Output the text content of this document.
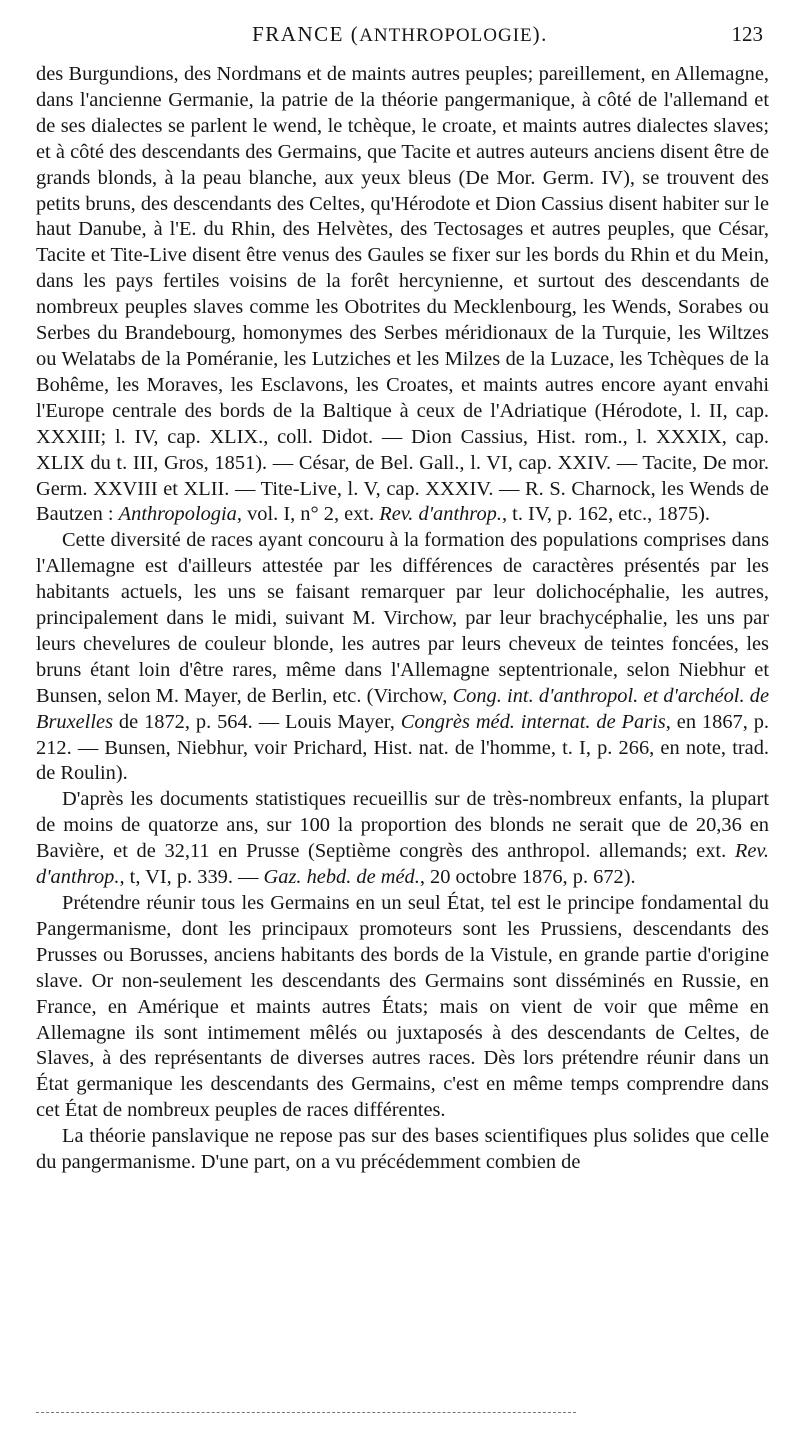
FRANCE (ANTHROPOLOGIE).	123

des Burgundions, des Nordmans et de maints autres peuples; pareillement, en Allemagne, dans l'ancienne Germanie, la patrie de la théorie pangermanique, à côté de l'allemand et de ses dialectes se parlent le wend, le tchèque, le croate, et maints autres dialectes slaves; et à côté des descendants des Germains, que Tacite et autres auteurs anciens disent être de grands blonds, à la peau blanche, aux yeux bleus (De Mor. Germ. IV), se trouvent des petits bruns, des descendants des Celtes, qu'Hérodote et Dion Cassius disent habiter sur le haut Danube, à l'E. du Rhin, des Helvètes, des Tectosages et autres peuples, que César, Tacite et Tite-Live disent être venus des Gaules se fixer sur les bords du Rhin et du Mein, dans les pays fertiles voisins de la forêt hercynienne, et surtout des descendants de nombreux peuples slaves comme les Obotrites du Mecklenbourg, les Wends, Sorabes ou Serbes du Brandebourg, homonymes des Serbes méridionaux de la Turquie, les Wiltzes ou Welatabs de la Poméranie, les Lutziches et les Milzes de la Luzace, les Tchèques de la Bohême, les Moraves, les Esclavons, les Croates, et maints autres encore ayant envahi l'Europe centrale des bords de la Baltique à ceux de l'Adriatique (Hérodote, l. II, cap. XXXIII; l. IV, cap. XLIX., coll. Didot. — Dion Cassius, Hist. rom., l. XXXIX, cap. XLIX du t. III, Gros, 1851). — César, de Bel. Gall., l. VI, cap. XXIV. — Tacite, De mor. Germ. XXVIII et XLII. — Tite-Live, l. V, cap. XXXIV. — R. S. Charnock, les Wends de Bautzen : Anthropologia, vol. I, n° 2, ext. Rev. d'anthrop., t. IV, p. 162, etc., 1875).

Cette diversité de races ayant concouru à la formation des populations comprises dans l'Allemagne est d'ailleurs attestée par les différences de caractères présentés par les habitants actuels, les uns se faisant remarquer par leur dolichocéphalie, les autres, principalement dans le midi, suivant M. Virchow, par leur brachycéphalie, les uns par leurs chevelures de couleur blonde, les autres par leurs cheveux de teintes foncées, les bruns étant loin d'être rares, même dans l'Allemagne septentrionale, selon Niebhur et Bunsen, selon M. Mayer, de Berlin, etc. (Virchow, Cong. int. d'anthropol. et d'archéol. de Bruxelles de 1872, p. 564. — Louis Mayer, Congrès méd. internat. de Paris, en 1867, p. 212. — Bunsen, Niebhur, voir Prichard, Hist. nat. de l'homme, t. I, p. 266, en note, trad. de Roulin).

D'après les documents statistiques recueillis sur de très-nombreux enfants, la plupart de moins de quatorze ans, sur 100 la proportion des blonds ne serait que de 20,36 en Bavière, et de 32,11 en Prusse (Septième congrès des anthropol. allemands; ext. Rev. d'anthrop., t, VI, p. 339. — Gaz. hebd. de méd., 20 octobre 1876, p. 672).

Prétendre réunir tous les Germains en un seul État, tel est le principe fondamental du Pangermanisme, dont les principaux promoteurs sont les Prussiens, descendants des Prusses ou Borusses, anciens habitants des bords de la Vistule, en grande partie d'origine slave. Or non-seulement les descendants des Germains sont disséminés en Russie, en France, en Amérique et maints autres États; mais on vient de voir que même en Allemagne ils sont intimement mêlés ou juxtaposés à des descendants de Celtes, de Slaves, à des représentants de diverses autres races. Dès lors prétendre réunir dans un État germanique les descendants des Germains, c'est en même temps comprendre dans cet État de nombreux peuples de races différentes.

La théorie panslavique ne repose pas sur des bases scientifiques plus solides que celle du pangermanisme. D'une part, on a vu précédemment combien de
